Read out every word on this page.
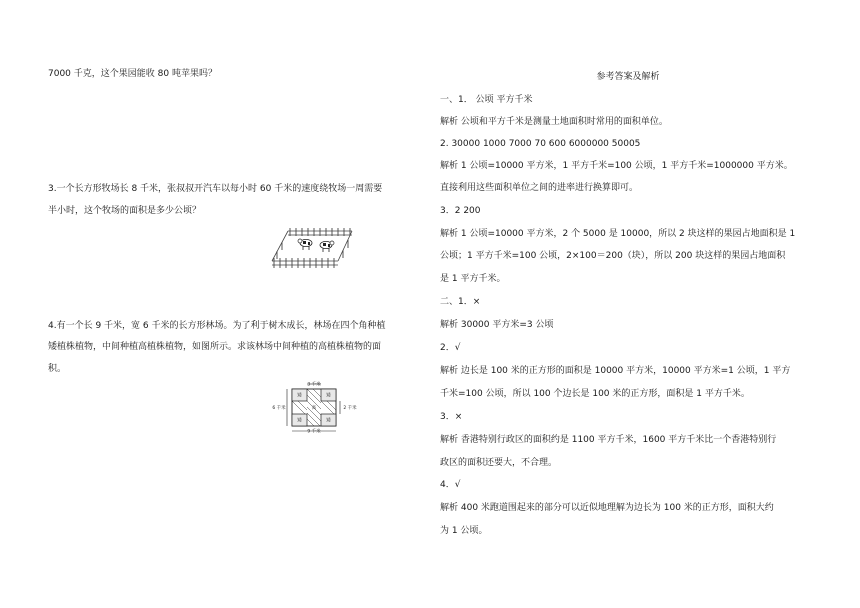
7000 千克，这个果园能收 80 吨苹果吗？
3.一个长方形牧场长 8 千米，张叔叔开汽车以每小时 60 千米的速度绕牧场一周需要
半小时，这个牧场的面积是多少公顷？
4.有一个长 9 千米，宽 6 千米的长方形林场。为了利于树木成长，林场在四个角种植
矮植株植物，中间种植高植株植物，如图所示。求该林场中间种植的高植株植物的面
积。
3 千米
矮	矮
矮	矮
高
6 千米	2 千米
9 千米
参考答案及解析
一、1． 公顷 平方千米
解析 公顷和平方千米是测量土地面积时常用的面积单位。
2. 30000 1000 7000 70 600 6000000 50005
解析 1 公顷=10000 平方米，1 平方千米=100 公顷，1 平方千米=1000000 平方米。
直接利用这些面积单位之间的进率进行换算即可。
3．2 200
解析 1 公顷=10000 平方米，2 个 5000 是 10000，所以 2 块这样的果园占地面积是 1
公顷；1 平方千米=100 公顷，2×100＝200（块），所以 200 块这样的果园占地面积
是 1 平方千米。
二、1．×
解析 30000 平方米=3 公顷
2．√
解析 边长是 100 米的正方形的面积是 10000 平方米，10000 平方米=1 公顷，1 平方
千米=100 公顷，所以 100 个边长是 100 米的正方形，面积是 1 平方千米。
3．×
解析 香港特别行政区的面积约是 1100 平方千米，1600 平方千米比一个香港特别行
政区的面积还要大，不合理。
4．√
解析 400 米跑道围起来的部分可以近似地理解为边长为 100 米的正方形，面积大约
为 1 公顷。
